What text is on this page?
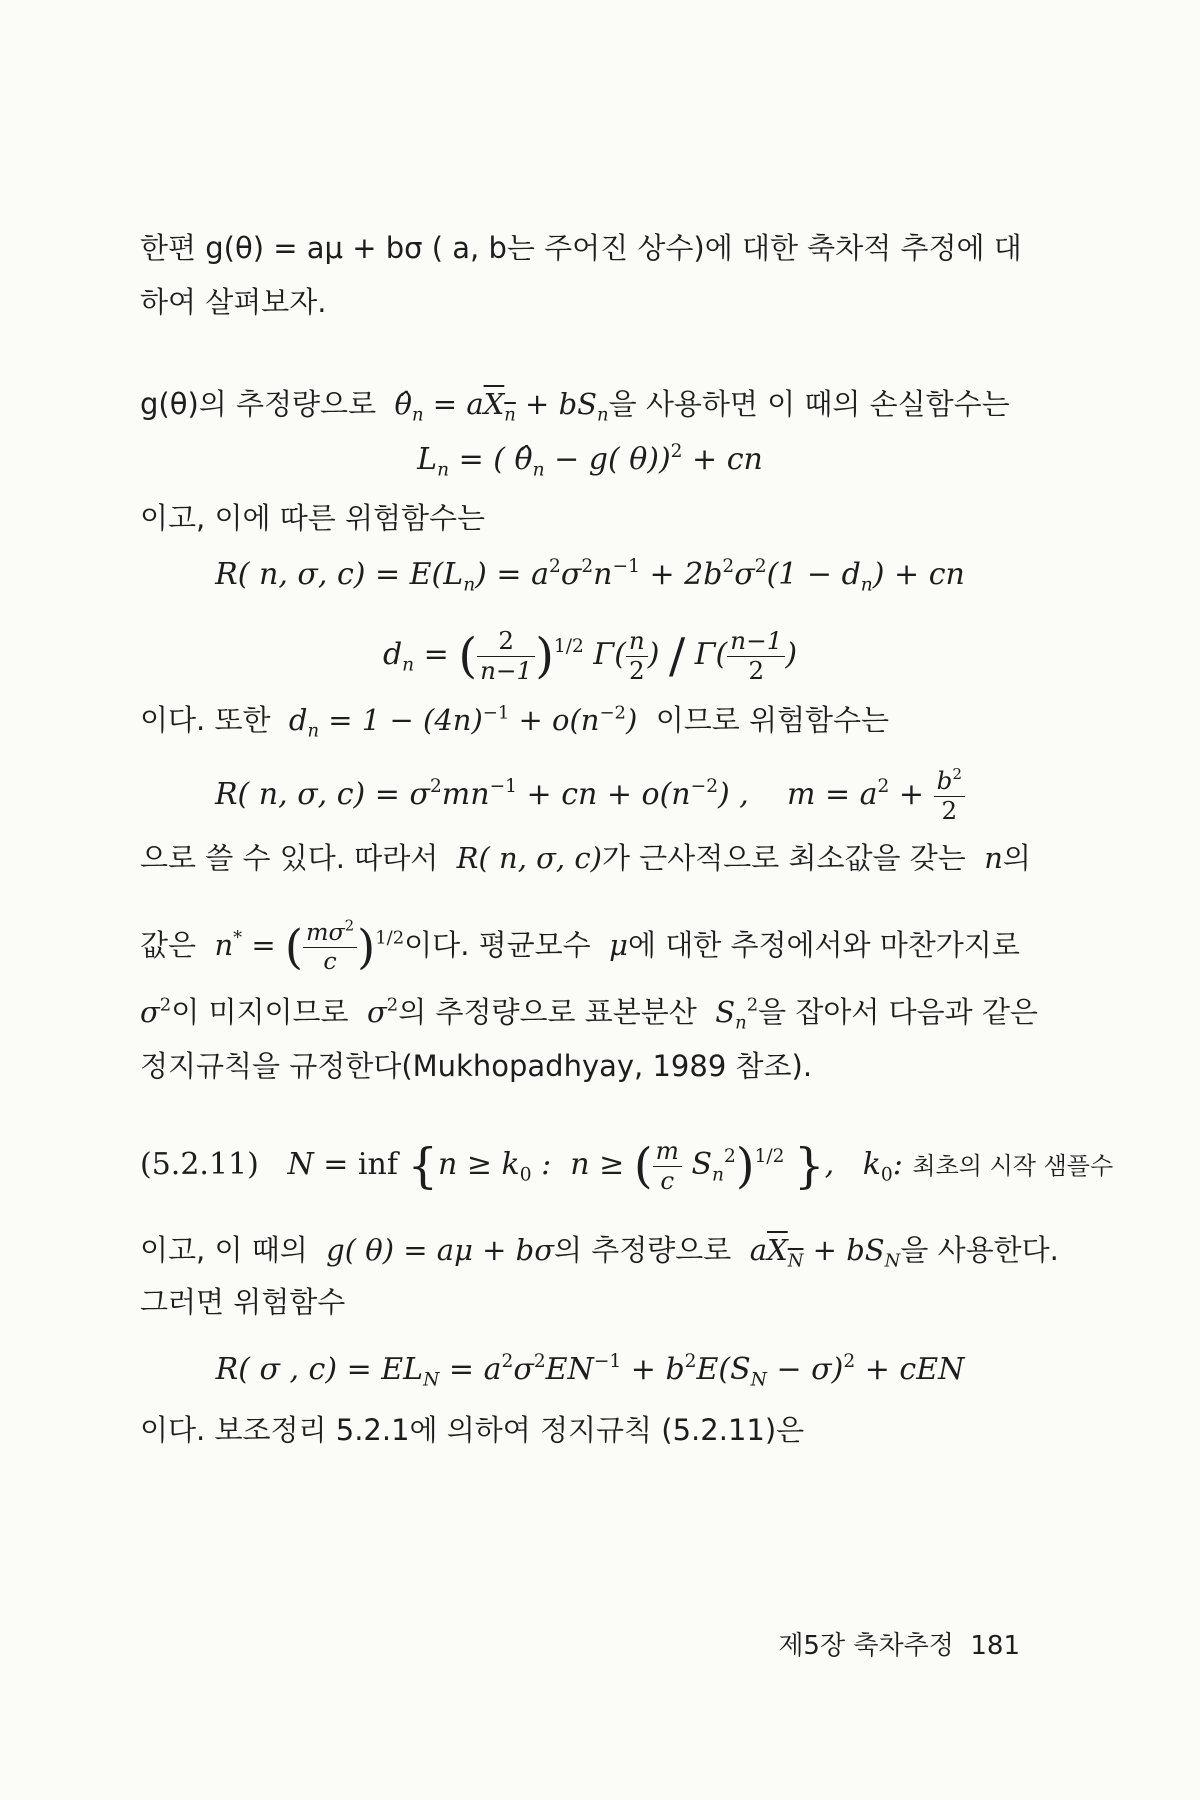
한편 g(θ) = aμ + bσ ( a, b는 주어진 상수)에 대한 축차적 추정에 대
하여 살펴보자.
g(θ)의 추정량으로  $\thetâ_n = aX_n + bS_n$을 사용하면 이 때의 손실함수는
$L_n$ = ( $\thetâ_n - g$( θ))$^2$ + cn
이고, 이에 따른 위험함수는
R( n, σ, $c) = E(L_n) = a^2\sigma^2n^{-1} + 2b^2\sigma^2(1 - d_n)$ + cn
$d_n$ = ( $\frac{2}{n-1} )^{1/2}$ $\Gamma( \frac{n}{2}$ ) / $\Gamma( \frac{n-1}{2}$ )
이다. 또한  $d_n = 1 - (4n)^{-1} + o(n^{-2})$  이므로 위험함수는
R( n, σ, $c) = \sigma^2mn^{-1}$ + cn + $o(n^{-2})$ ,    $m = a^2 + \frac{b^2}{2}$
으로 쓸 수 있다. 따라서  R( n, σ, c)가 근사적으로 최소값을 갖는  n의
값은  n* = ( $\frac{m\sigma^2}{c} )^{1/2}$이다. 평균모수  μ에 대한 추정에서와 마찬가지로
$\sigma^2$이 미지이므로  $\sigma^2$의 추정량으로 표본분산  $S_n^2$을 잡아서 다음과 같은
정지규칙을 규정한다(Mukhopadhyay, 1989 참조).
(5.2.11)   N = inf {$n \ge k_0$ :  n ≥ ( $\frac{m}{c} S_n^2)^{1/2}$ },   $k_0$: 최초의 시작 샘플수
이고, 이 때의  g( θ) = aμ + bσ의 추정량으로  $aX_N + bS_N$을 사용한다.
그러면 위험함수
R( σ , $c) = EL_N = a^2\sigma^2EN^{-1} + b^2E(S_N - \sigma)^2$ + cEN
이다. 보조정리 5.2.1에 의하여 정지규칙 (5.2.11)은
제5장 축차추정 181
